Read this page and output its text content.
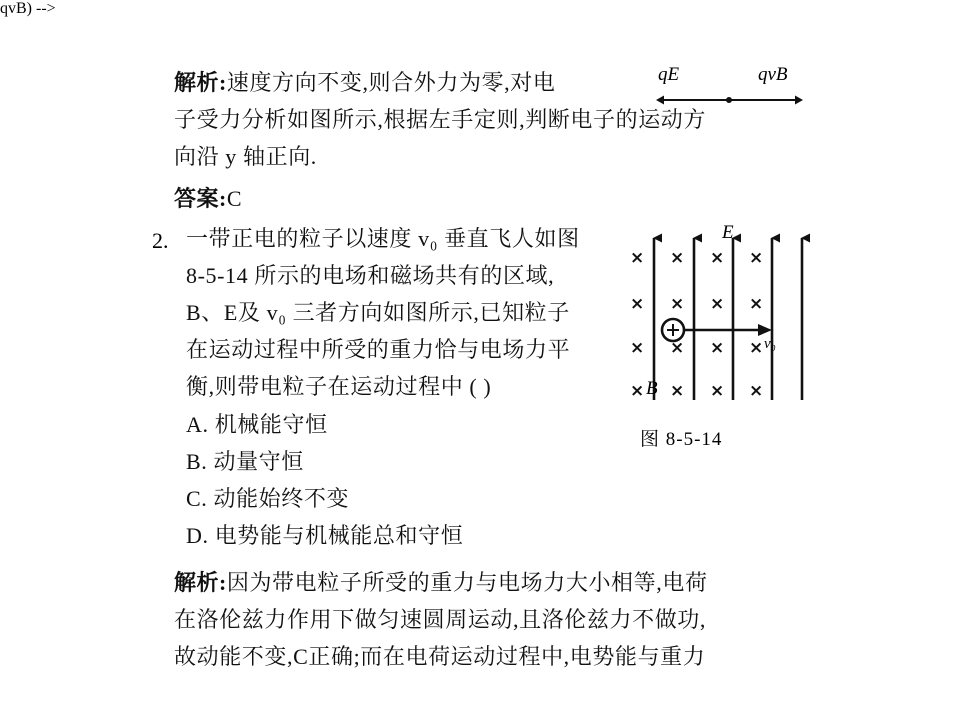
解析:速度方向不变,则合外力为零,对电
子受力分析如图所示,根据左手定则,判断电子的运动方
向沿 y 轴正向.
qvB) -->
qE	qvB
答案:C
2. 一带正电的粒子以速度 v₀ 垂直飞人如图
8-5-14 所示的电场和磁场共有的区域,
B、E及 v₀ 三者方向如图所示,已知粒子
在运动过程中所受的重力恰与电场力平
衡,则带电粒子在运动过程中 ( )
A. 机械能守恒
B. 动量守恒
C. 动能始终不变
D. 电势能与机械能总和守恒
× × × ×
× × × ×
× × × ×
× × × ×
E
B
v₀
图 8-5-14
解析:因为带电粒子所受的重力与电场力大小相等,电荷
在洛伦兹力作用下做匀速圆周运动,且洛伦兹力不做功,
故动能不变,C正确;而在电荷运动过程中,电势能与重力
